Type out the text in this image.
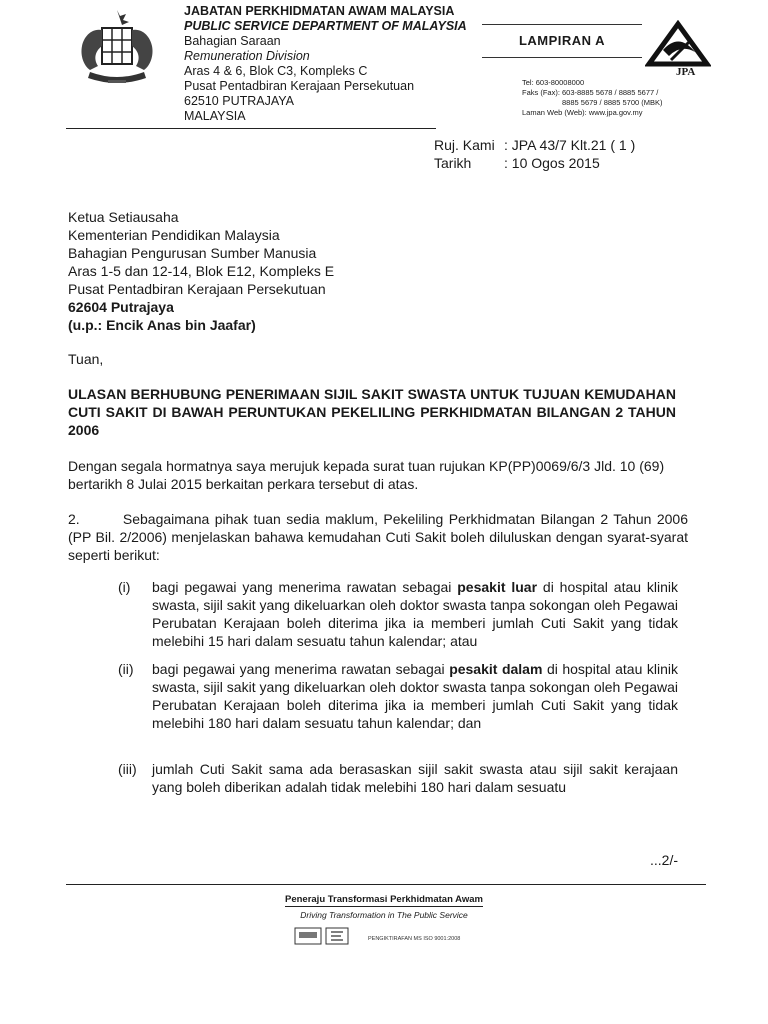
JABATAN PERKHIDMATAN AWAM MALAYSIA
PUBLIC SERVICE DEPARTMENT OF MALAYSIA
Bahagian Saraan
Remuneration Division
Aras 4 & 6, Blok C3, Kompleks C
Pusat Pentadbiran Kerajaan Persekutuan
62510 PUTRAJAYA
MALAYSIA
LAMPIRAN A
JPA
Tel: 603-80008000
Faks (Fax): 603-8885 5678 / 8885 5677 /
8885 5679 / 8885 5700 (MBK)
Laman Web (Web): www.jpa.gov.my
Ruj. Kami : JPA 43/7 Klt.21 ( 1 )
Tarikh	: 10 Ogos 2015
Ketua Setiausaha
Kementerian Pendidikan Malaysia
Bahagian Pengurusan Sumber Manusia
Aras 1-5 dan 12-14, Blok E12, Kompleks E
Pusat Pentadbiran Kerajaan Persekutuan
62604 Putrajaya
(u.p.: Encik Anas bin Jaafar)
Tuan,
ULASAN BERHUBUNG PENERIMAAN SIJIL SAKIT SWASTA UNTUK TUJUAN KEMUDAHAN CUTI SAKIT DI BAWAH PERUNTUKAN PEKELILING PERKHIDMATAN BILANGAN 2 TAHUN 2006
Dengan segala hormatnya saya merujuk kepada surat tuan rujukan KP(PP)0069/6/3 Jld. 10 (69) bertarikh 8 Julai 2015 berkaitan perkara tersebut di atas.
2.	Sebagaimana pihak tuan sedia maklum, Pekeliling Perkhidmatan Bilangan 2 Tahun 2006 (PP Bil. 2/2006) menjelaskan bahawa kemudahan Cuti Sakit boleh diluluskan dengan syarat-syarat seperti berikut:
(i) bagi pegawai yang menerima rawatan sebagai pesakit luar di hospital atau klinik swasta, sijil sakit yang dikeluarkan oleh doktor swasta tanpa sokongan oleh Pegawai Perubatan Kerajaan boleh diterima jika ia memberi jumlah Cuti Sakit yang tidak melebihi 15 hari dalam sesuatu tahun kalendar; atau
(ii) bagi pegawai yang menerima rawatan sebagai pesakit dalam di hospital atau klinik swasta, sijil sakit yang dikeluarkan oleh doktor swasta tanpa sokongan oleh Pegawai Perubatan Kerajaan boleh diterima jika ia memberi jumlah Cuti Sakit yang tidak melebihi 180 hari dalam sesuatu tahun kalendar; dan
(iii) jumlah Cuti Sakit sama ada berasaskan sijil sakit swasta atau sijil sakit kerajaan yang boleh diberikan adalah tidak melebihi 180 hari dalam sesuatu
...2/-
Peneraju Transformasi Perkhidmatan Awam
Driving Transformation in The Public Service
PENGIKTIRAFAN MS ISO 9001:2008
